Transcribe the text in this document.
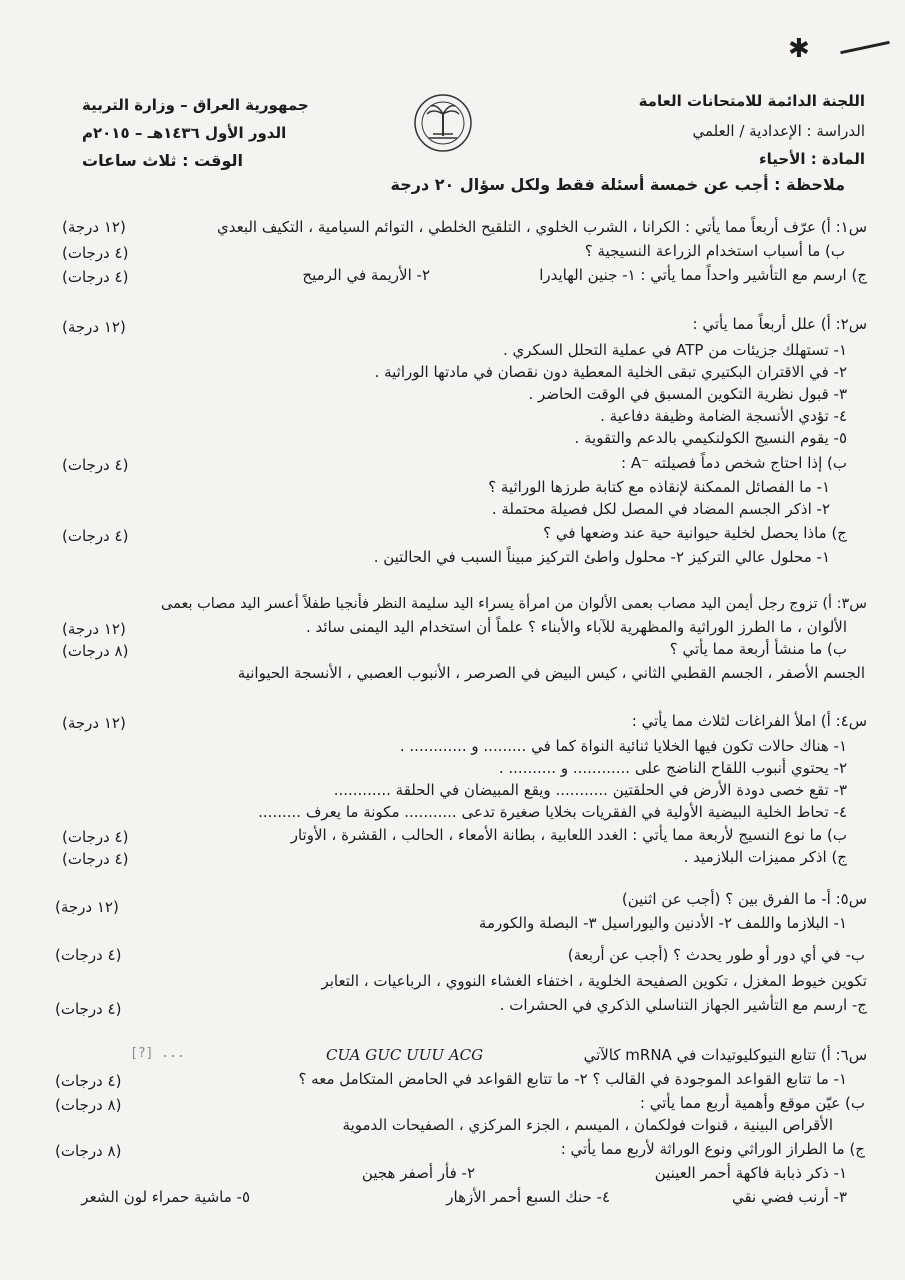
✱
اللجنة الدائمة للامتحانات العامة
الدراسة : الإعدادية / العلمي
المادة : الأحياء
ملاحظة : أجب عن خمسة أسئلة فقط ولكل سؤال ٢٠ درجة
جمهورية العراق – وزارة التربية
الدور الأول ١٤٣٦هـ – ٢٠١٥م
الوقت : ثلاث ساعات
س١: أ) عرّف أربعاً مما يأتي : الكرانا ، الشرب الخلوي ، التلقيح الخلطي ، التوائم السيامية ، التكيف البعدي
(١٢ درجة)
ب) ما أسباب استخدام الزراعة النسيجية ؟
(٤ درجات)
ج) ارسم مع التأشير واحداً مما يأتي : ١- جنين الهايدرا
٢- الأريمة في الرميح
(٤ درجات)
س٢: أ) علل أربعاً مما يأتي :
(١٢ درجة)
١- تستهلك جزيئات من ATP في عملية التحلل السكري .
٢- في الاقتران البكتيري تبقى الخلية المعطية دون نقصان في مادتها الوراثية .
٣- قبول نظرية التكوين المسبق في الوقت الحاضر .
٤- تؤدي الأنسجة الضامة وظيفة دفاعية .
٥- يقوم النسيج الكولنكيمي بالدعم والتقوية .
ب) إذا احتاج شخص دماً فصيلته ⁻A :
(٤ درجات)
١- ما الفصائل الممكنة لإنقاذه مع كتابة طرزها الوراثية ؟
٢- اذكر الجسم المضاد في المصل لكل فصيلة محتملة .
ج) ماذا يحصل لخلية حيوانية حية عند وضعها في ؟
(٤ درجات)
١- محلول عالي التركيز ٢- محلول واطئ التركيز مبيناً السبب في الحالتين .
س٣: أ) تزوج رجل أيمن اليد مصاب بعمى الألوان من امرأة يسراء اليد سليمة النظر فأنجبا طفلاً أعسر اليد مصاب بعمى
الألوان ، ما الطرز الوراثية والمظهرية للآباء والأبناء ؟ علماً أن استخدام اليد اليمنى سائد .
(١٢ درجة)
ب) ما منشأ أربعة مما يأتي ؟
(٨ درجات)
الجسم الأصفر ، الجسم القطبي الثاني ، كيس البيض في الصرصر ، الأنبوب العصبي ، الأنسجة الحيوانية
س٤: أ) املأ الفراغات لثلاث مما يأتي :
(١٢ درجة)
١- هناك حالات تكون فيها الخلايا ثنائية النواة كما في ......... و ............ .
٢- يحتوي أنبوب اللقاح الناضج على ............ و .......... .
٣- تقع خصى دودة الأرض في الحلقتين ........... ويقع المبيضان في الحلقة ............
٤- تحاط الخلية البيضية الأولية في الفقريات بخلايا صغيرة تدعى ........... مكونة ما يعرف .........
ب) ما نوع النسيج لأربعة مما يأتي : الغدد اللعابية ، بطانة الأمعاء ، الحالب ، القشرة ، الأوتار
(٤ درجات)
ج) اذكر مميزات البلازميد .
(٤ درجات)
س٥: أ- ما الفرق بين ؟ (أجب عن اثنين)
(١٢ درجة)
١- البلازما واللمف ٢- الأدنين واليوراسيل ٣- البصلة والكورمة
ب- في أي دور أو طور يحدث ؟ (أجب عن أربعة)
(٤ درجات)
تكوين خيوط المغزل ، تكوين الصفيحة الخلوية ، اختفاء الغشاء النووي ، الرباعيات ، التعابر
ج- ارسم مع التأشير الجهاز التناسلي الذكري في الحشرات .
(٤ درجات)
س٦: أ) تتابع النيوكليوتيدات في mRNA كالآتي
CUA GUC UUU ACG
[?] ...
١- ما تتابع القواعد الموجودة في القالب ؟ ٢- ما تتابع القواعد في الحامض المتكامل معه ؟
(٤ درجات)
ب) عيّن موقع وأهمية أربع مما يأتي :
(٨ درجات)
الأقراص البينية ، قنوات فولكمان ، الميسم ، الجزء المركزي ، الصفيحات الدموية
ج) ما الطراز الوراثي ونوع الوراثة لأربع مما يأتي :
(٨ درجات)
١- ذكر ذبابة فاكهة أحمر العينين
٢- فأر أصفر هجين
٣- أرنب فضي نقي
٤- حنك السبع أحمر الأزهار
٥- ماشية حمراء لون الشعر
